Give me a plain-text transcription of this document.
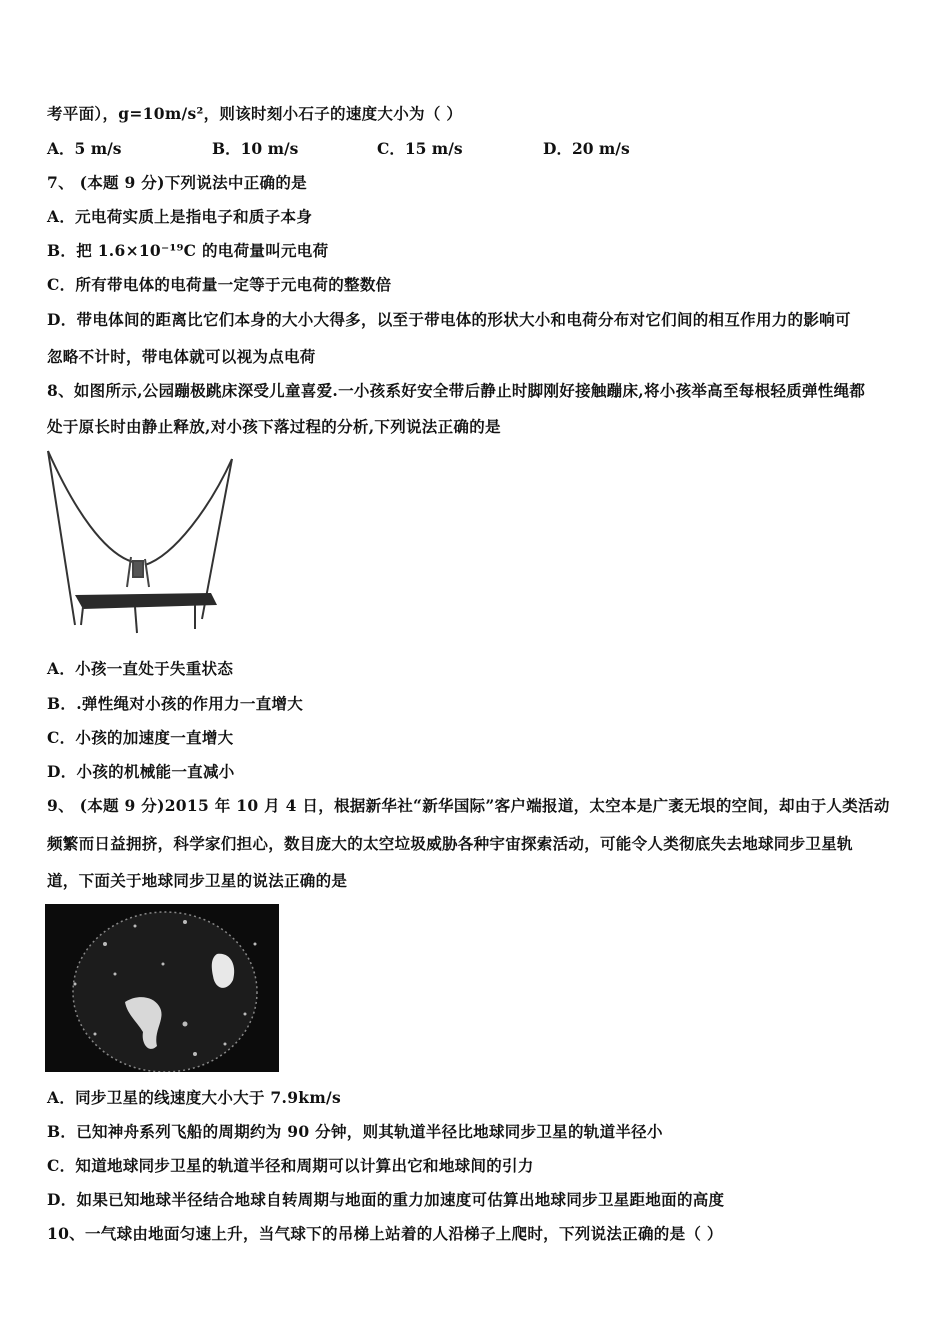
考平面），g=10m/s²，则该时刻小石子的速度大小为（ ）
A．5 m/s	B．10 m/s	C．15 m/s	D．20 m/s
7、 (本题 9 分)下列说法中正确的是
A．元电荷实质上是指电子和质子本身
B．把 1.6×10⁻¹⁹C 的电荷量叫元电荷
C．所有带电体的电荷量一定等于元电荷的整数倍
D．带电体间的距离比它们本身的大小大得多，以至于带电体的形状大小和电荷分布对它们间的相互作用力的影响可
忽略不计时，带电体就可以视为点电荷
8、如图所示,公园蹦极跳床深受儿童喜爱.一小孩系好安全带后静止时脚刚好接触蹦床,将小孩举高至每根轻质弹性绳都
处于原长时由静止释放,对小孩下落过程的分析,下列说法正确的是
A．小孩一直处于失重状态
B．.弹性绳对小孩的作用力一直增大
C．小孩的加速度一直增大
D．小孩的机械能一直减小
9、 (本题 9 分)2015 年 10 月 4 日，根据新华社“新华国际”客户端报道，太空本是广袤无垠的空间，却由于人类活动
频繁而日益拥挤，科学家们担心，数目庞大的太空垃圾威胁各种宇宙探索活动，可能令人类彻底失去地球同步卫星轨
道，下面关于地球同步卫星的说法正确的是
A．同步卫星的线速度大小大于 7.9km/s
B．已知神舟系列飞船的周期约为 90 分钟，则其轨道半径比地球同步卫星的轨道半径小
C．知道地球同步卫星的轨道半径和周期可以计算出它和地球间的引力
D．如果已知地球半径结合地球自转周期与地面的重力加速度可估算出地球同步卫星距地面的高度
10、一气球由地面匀速上升，当气球下的吊梯上站着的人沿梯子上爬时，下列说法正确的是（ ）
